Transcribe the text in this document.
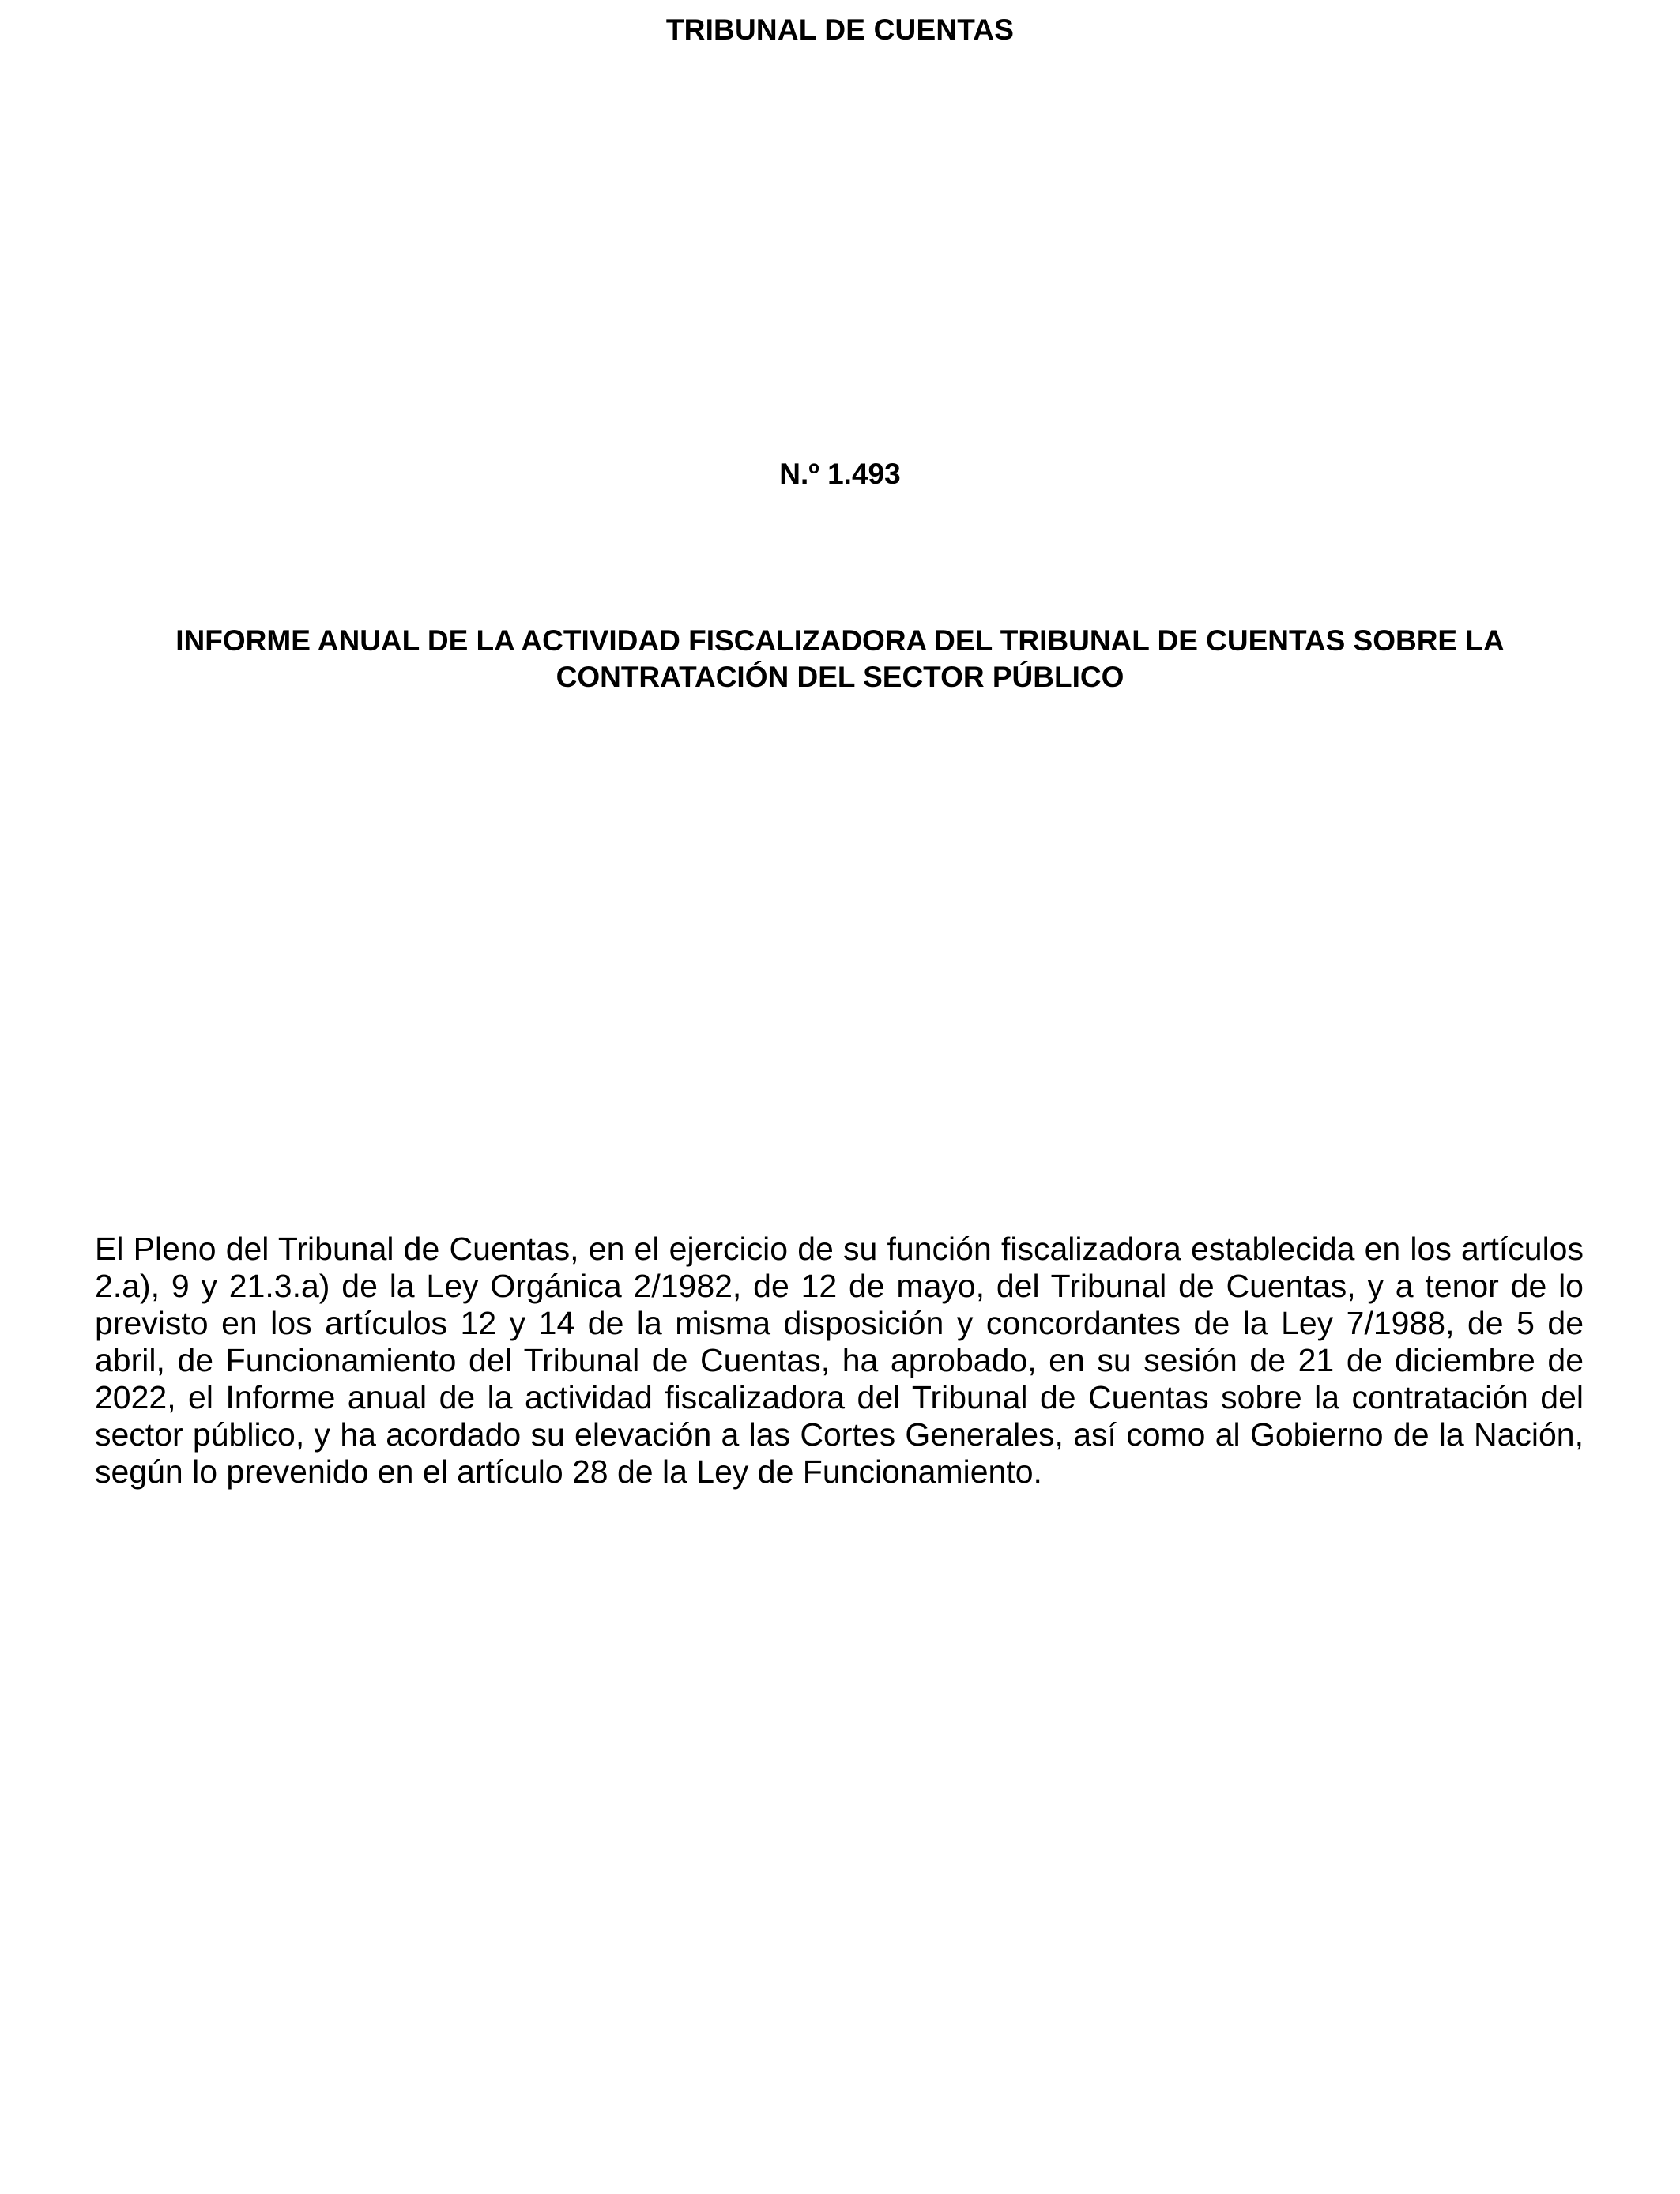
TRIBUNAL DE CUENTAS
N.º 1.493
INFORME ANUAL DE LA ACTIVIDAD FISCALIZADORA DEL TRIBUNAL DE CUENTAS SOBRE LA CONTRATACIÓN DEL SECTOR PÚBLICO

El Pleno del Tribunal de Cuentas, en el ejercicio de su función fiscalizadora establecida en los artículos 2.a), 9 y 21.3.a) de la Ley Orgánica 2/1982, de 12 de mayo, del Tribunal de Cuentas, y a tenor de lo previsto en los artículos 12 y 14 de la misma disposición y concordantes de la Ley 7/1988, de 5 de abril, de Funcionamiento del Tribunal de Cuentas, ha aprobado, en su sesión de 21 de diciembre de 2022, el Informe anual de la actividad fiscalizadora del Tribunal de Cuentas sobre la contratación del sector público, y ha acordado su elevación a las Cortes Generales, así como al Gobierno de la Nación, según lo prevenido en el artículo 28 de la Ley de Funcionamiento.
